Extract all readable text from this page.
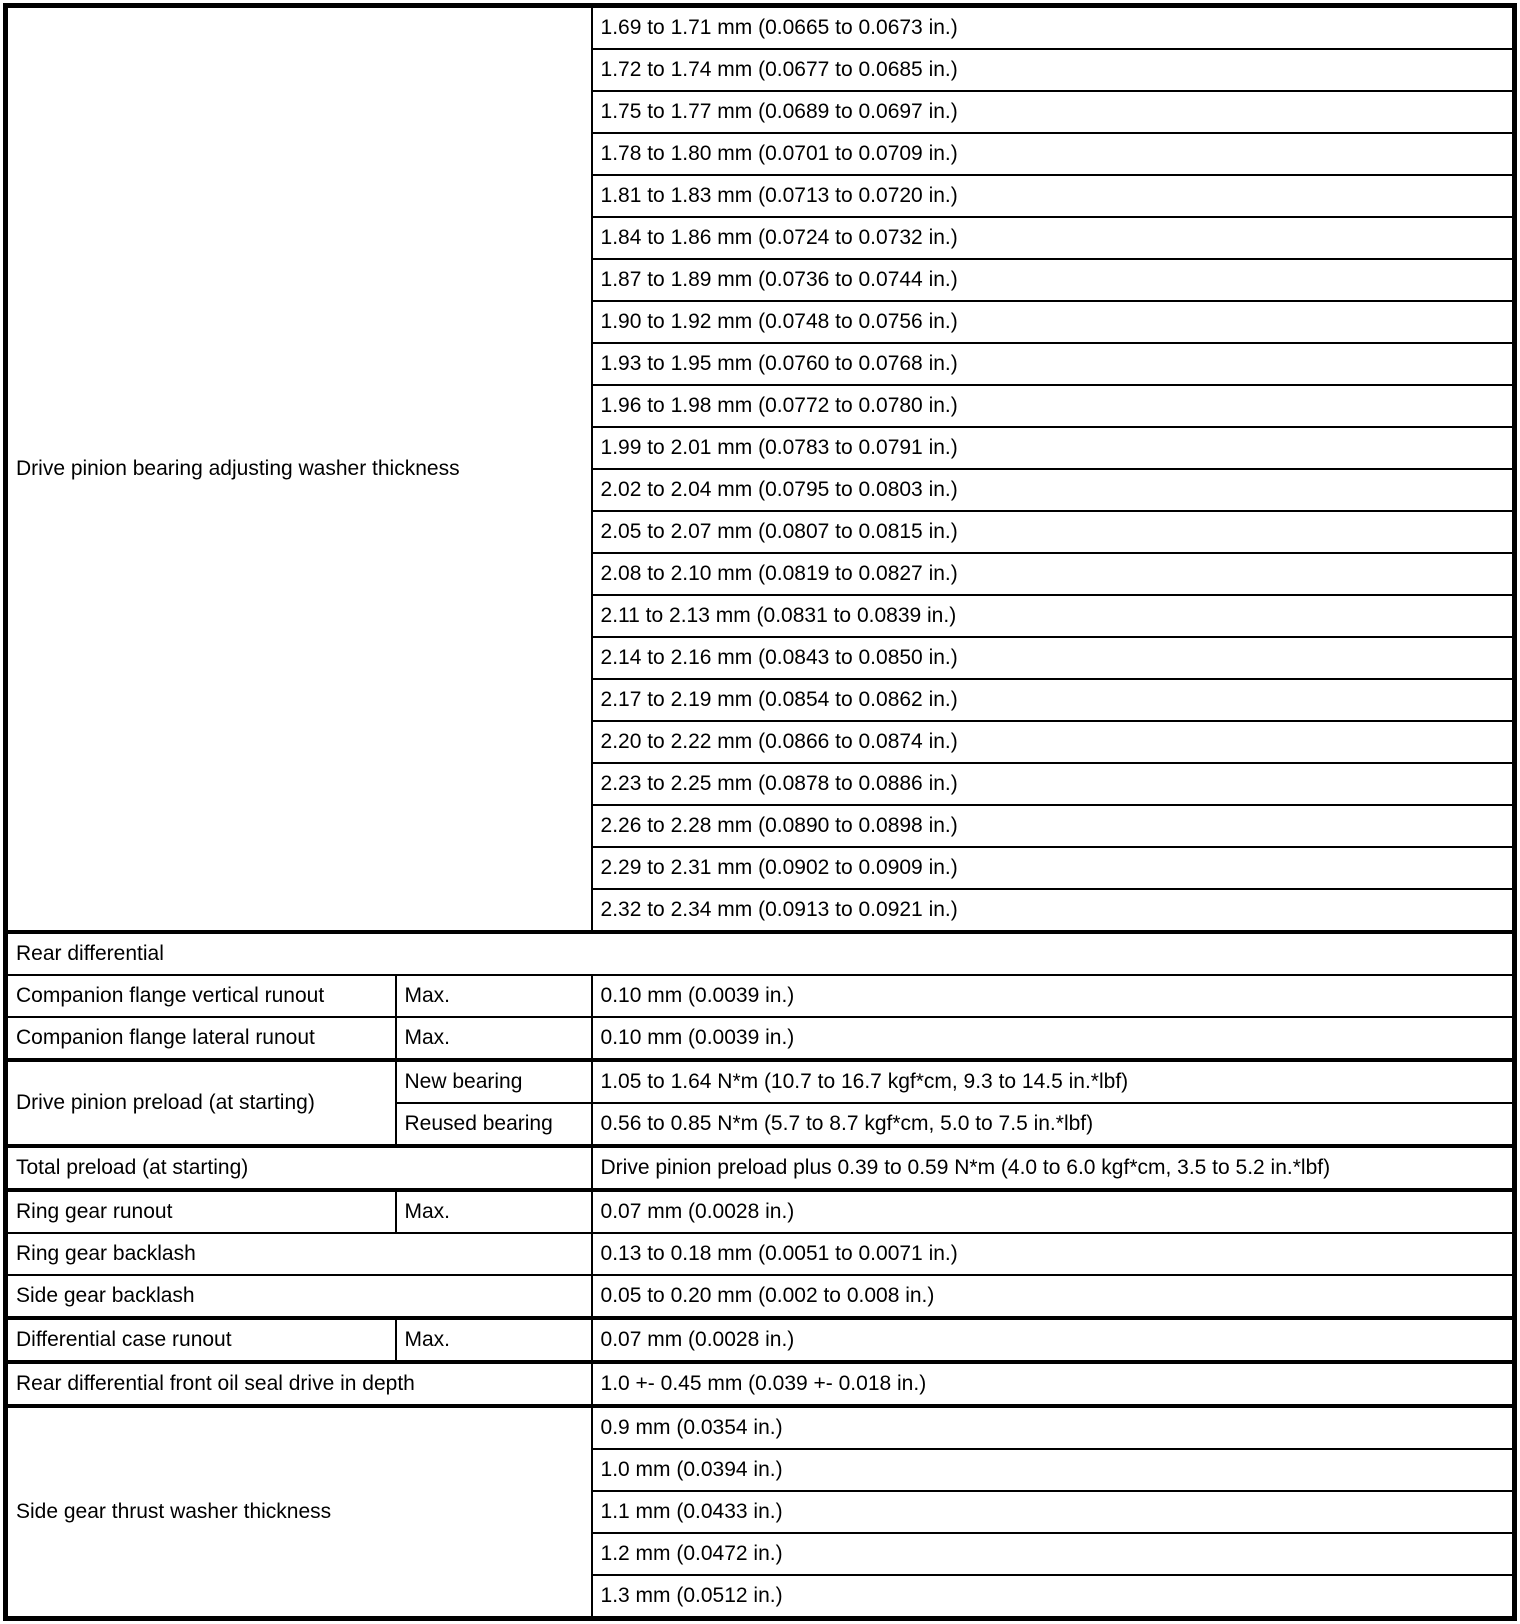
Drive pinion bearing adjusting washer thickness		1.69 to 1.71 mm (0.0665 to 0.0673 in.)
		1.72 to 1.74 mm (0.0677 to 0.0685 in.)
		1.75 to 1.77 mm (0.0689 to 0.0697 in.)
		1.78 to 1.80 mm (0.0701 to 0.0709 in.)
		1.81 to 1.83 mm (0.0713 to 0.0720 in.)
		1.84 to 1.86 mm (0.0724 to 0.0732 in.)
		1.87 to 1.89 mm (0.0736 to 0.0744 in.)
		1.90 to 1.92 mm (0.0748 to 0.0756 in.)
		1.93 to 1.95 mm (0.0760 to 0.0768 in.)
		1.96 to 1.98 mm (0.0772 to 0.0780 in.)
		1.99 to 2.01 mm (0.0783 to 0.0791 in.)
		2.02 to 2.04 mm (0.0795 to 0.0803 in.)
		2.05 to 2.07 mm (0.0807 to 0.0815 in.)
		2.08 to 2.10 mm (0.0819 to 0.0827 in.)
		2.11 to 2.13 mm (0.0831 to 0.0839 in.)
		2.14 to 2.16 mm (0.0843 to 0.0850 in.)
		2.17 to 2.19 mm (0.0854 to 0.0862 in.)
		2.20 to 2.22 mm (0.0866 to 0.0874 in.)
		2.23 to 2.25 mm (0.0878 to 0.0886 in.)
		2.26 to 2.28 mm (0.0890 to 0.0898 in.)
		2.29 to 2.31 mm (0.0902 to 0.0909 in.)
		2.32 to 2.34 mm (0.0913 to 0.0921 in.)
Rear differential		
Companion flange vertical runout	Max.	0.10 mm (0.0039 in.)
Companion flange lateral runout	Max.	0.10 mm (0.0039 in.)
Drive pinion preload (at starting)	New bearing	1.05 to 1.64 N*m (10.7 to 16.7 kgf*cm, 9.3 to 14.5 in.*lbf)
	Reused bearing	0.56 to 0.85 N*m (5.7 to 8.7 kgf*cm, 5.0 to 7.5 in.*lbf)
Total preload (at starting)		Drive pinion preload plus 0.39 to 0.59 N*m (4.0 to 6.0 kgf*cm, 3.5 to 5.2 in.*lbf)
Ring gear runout	Max.	0.07 mm (0.0028 in.)
Ring gear backlash		0.13 to 0.18 mm (0.0051 to 0.0071 in.)
Side gear backlash		0.05 to 0.20 mm (0.002 to 0.008 in.)
Differential case runout	Max.	0.07 mm (0.0028 in.)
Rear differential front oil seal drive in depth		1.0 +- 0.45 mm (0.039 +- 0.018 in.)
Side gear thrust washer thickness		0.9 mm (0.0354 in.)
		1.0 mm (0.0394 in.)
		1.1 mm (0.0433 in.)
		1.2 mm (0.0472 in.)
		1.3 mm (0.0512 in.)
